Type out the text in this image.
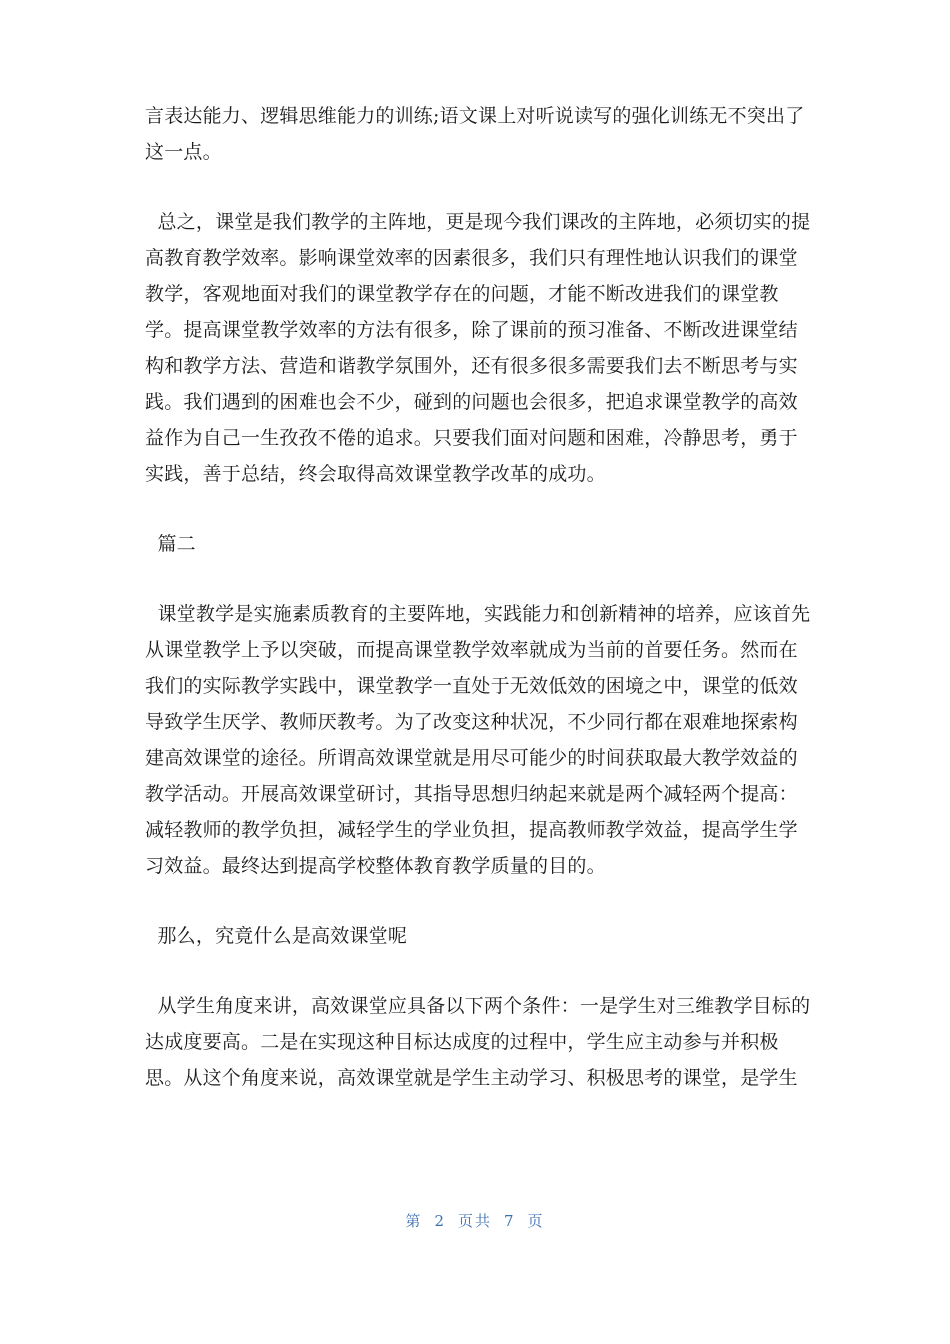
言表达能力、逻辑思维能力的训练;语文课上对听说读写的强化训练无不突出了
这一点。
总之，课堂是我们教学的主阵地，更是现今我们课改的主阵地，必须切实的提
高教育教学效率。影响课堂效率的因素很多，我们只有理性地认识我们的课堂
教学，客观地面对我们的课堂教学存在的问题，才能不断改进我们的课堂教
学。提高课堂教学效率的方法有很多，除了课前的预习准备、不断改进课堂结
构和教学方法、营造和谐教学氛围外，还有很多很多需要我们去不断思考与实
践。我们遇到的困难也会不少，碰到的问题也会很多，把追求课堂教学的高效
益作为自己一生孜孜不倦的追求。只要我们面对问题和困难，冷静思考，勇于
实践，善于总结，终会取得高效课堂教学改革的成功。
篇二
课堂教学是实施素质教育的主要阵地，实践能力和创新精神的培养，应该首先
从课堂教学上予以突破，而提高课堂教学效率就成为当前的首要任务。然而在
我们的实际教学实践中，课堂教学一直处于无效低效的困境之中，课堂的低效
导致学生厌学、教师厌教考。为了改变这种状况，不少同行都在艰难地探索构
建高效课堂的途径。所谓高效课堂就是用尽可能少的时间获取最大教学效益的
教学活动。开展高效课堂研讨，其指导思想归纳起来就是两个减轻两个提高：
减轻教师的教学负担，减轻学生的学业负担，提高教师教学效益，提高学生学
习效益。最终达到提高学校整体教育教学质量的目的。
那么，究竟什么是高效课堂呢
从学生角度来讲，高效课堂应具备以下两个条件：一是学生对三维教学目标的
达成度要高。二是在实现这种目标达成度的过程中，学生应主动参与并积极
思。从这个角度来说，高效课堂就是学生主动学习、积极思考的课堂，是学生
第 2 页共 7 页
